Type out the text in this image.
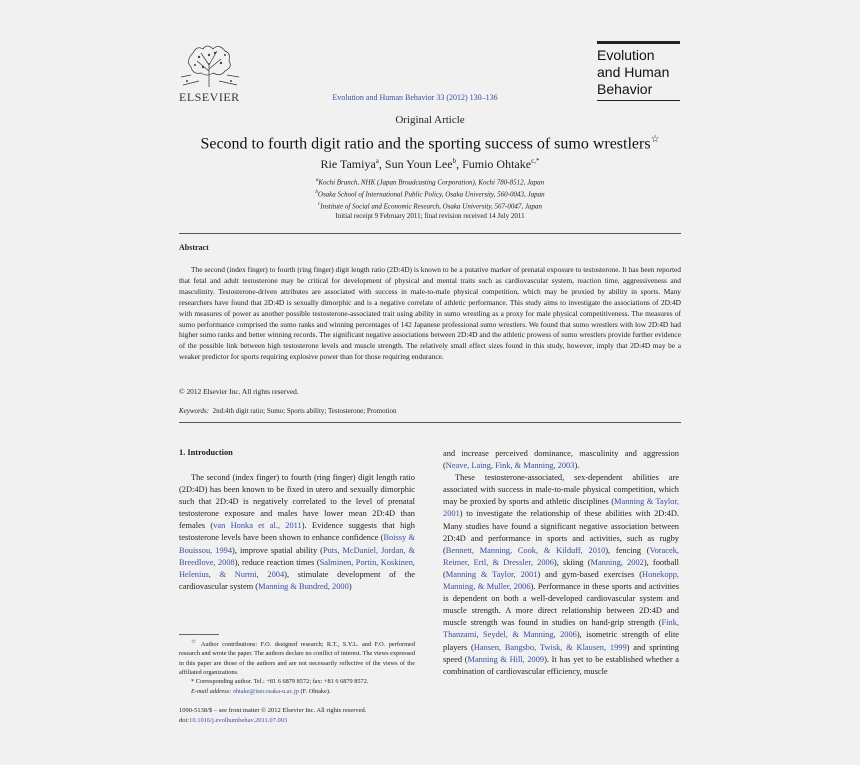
ELSEVIER	Evolution and Human Behavior 33 (2012) 130–136
Evolution
and Human
Behavior
Original Article
Second to fourth digit ratio and the sporting success of sumo wrestlers☆
Rie Tamiya$^a$, Sun Youn Lee$^b$, Fumio Ohtake$^{c,*}$
$^a$Kochi Branch, NHK (Japan Broadcasting Corporation), Kochi 780-8512, Japan
$^b$Osaka School of International Public Policy, Osaka University, 560-0043, Japan
$^c$Institute of Social and Economic Research, Osaka University, 567-0047, Japan
Initial receipt 9 February 2011; final revision received 14 July 2011
Abstract
The second (index finger) to fourth (ring finger) digit length ratio (2D:4D) is known to be a putative marker of prenatal exposure to testosterone. It has been reported that fetal and adult testosterone may be critical for development of physical and mental traits such as cardiovascular system, reaction time, aggressiveness and masculinity. Testosterone-driven attributes are associated with success in male-to-male physical competition, which may be proxied by ability in sports. Many researchers have found that 2D:4D is sexually dimorphic and is a negative correlate of athletic performance. This study aims to investigate the associations of 2D:4D with measures of power as another possible testosterone-associated trait using ability in sumo wrestling as a proxy for male physical competitiveness. The measures of sumo performance comprised the sumo ranks and winning percentages of 142 Japanese professional sumo wrestlers. We found that sumo wrestlers with low 2D:4D had higher sumo ranks and better winning records. The significant negative associations between 2D:4D and the athletic prowess of sumo wrestlers provide further evidence of the possible link between high testosterone levels and muscle strength. The relatively small effect sizes found in this study, however, imply that 2D:4D may be a weaker predictor for sports requiring explosive power than for those requiring endurance.
© 2012 Elsevier Inc. All rights reserved.
Keywords: 2nd:4th digit ratio; Sumo; Sports ability; Testosterone; Promotion
1. Introduction

The second (index finger) to fourth (ring finger) digit length ratio (2D:4D) has been known to be fixed in utero and sexually dimorphic such that 2D:4D is negatively correlated to the level of prenatal testosterone exposure and males have lower mean 2D:4D than females (van Honka et al., 2011). Evidence suggests that high testosterone levels have been shown to enhance confidence (Boissy & Bouissou, 1994), improve spatial ability (Puts, McDaniel, Jordan, & Breedlove, 2008), reduce reaction times (Salminen, Portin, Koskinen, Helenius, & Nurmi, 2004), stimulate development of the cardiovascular system (Manning & Bundred, 2000)

☆ Author contributions: F.O. designed research; R.T., S.Y.L. and F.O. performed research and wrote the paper. The authors declare no conflict of interest. The views expressed in this paper are those of the authors and are not necessarily reflective of the views of the affiliated organizations.

* Corresponding author. Tel.: +81 6 6879 8572; fax: +81 6 6879 8572.

E-mail address: ohtake@iser.osaka-u.ac.jp (F. Ohtake).

1090-5138/$ – see front matter © 2012 Elsevier Inc. All rights reserved.
doi:10.1016/j.evolhumbehav.2011.07.003

and increase perceived dominance, masculinity and aggression (Neave, Laing, Fink, & Manning, 2003).

These testosterone-associated, sex-dependent abilities are associated with success in male-to-male physical competition, which may be proxied by sports and athletic disciplines (Manning & Taylor, 2001) to investigate the relationship of these abilities with 2D:4D. Many studies have found a significant negative association between 2D:4D and performance in sports and activities, such as rugby (Bennett, Manning, Cook, & Kilduff, 2010), fencing (Voracek, Reimer, Ertl, & Dressler, 2006), skiing (Manning, 2002), football (Manning & Taylor, 2001) and gym-based exercises (Honekopp, Manning, & Muller, 2006). Performance in these sports and activities is dependent on both a well-developed cardiovascular system and muscle strength. A more direct relationship between 2D:4D and muscle strength was found in studies on hand-grip strength (Fink, Thanzami, Seydel, & Manning, 2006), isometric strength of elite players (Hansen, Bangsbo, Twisk, & Klausen, 1999) and sprinting speed (Manning & Hill, 2009). It has yet to be established whether a combination of cardiovascular efficiency, muscle
